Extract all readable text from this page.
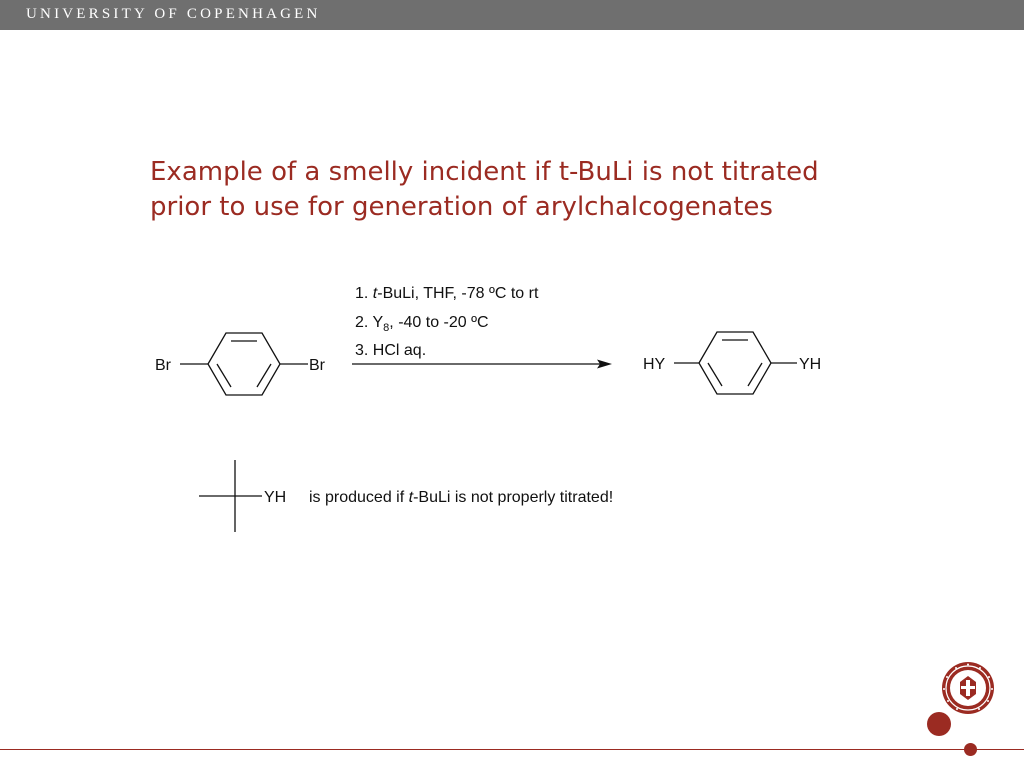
UNIVERSITY OF COPENHAGEN
Example of a smelly incident if t-BuLi is not titrated
prior to use for generation of arylchalcogenates
Br	Br
1. t-BuLi, THF, -78 ºC to rt
2. $Y_8$, -40 to -20 ºC
3. HCl aq.
HY	YH
YH is produced if t-BuLi is not properly titrated!
